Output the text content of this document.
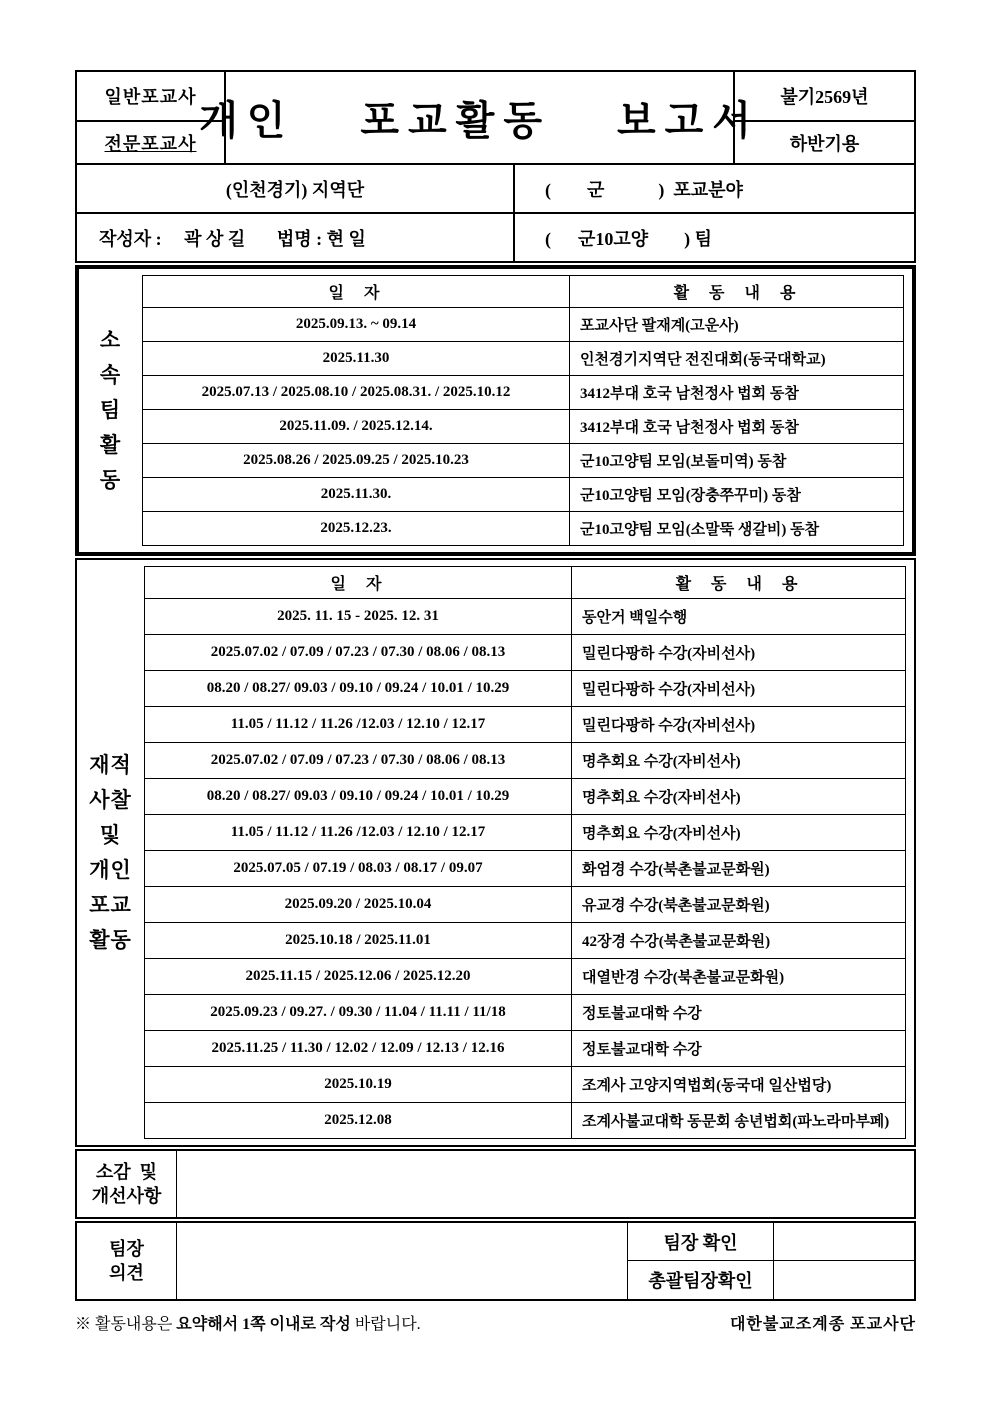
일반포교사
전문포교사
개인  포교활동  보고서
불기2569년
하반기용
(인천경기) 지역단	(        군            )  포교분야
작성자 :     곽 상 길       법명 : 현 일	(      군10고양        ) 팀
소
속
팀
활
동
일  자	활  동  내  용
2025.09.13. ~ 09.14	포교사단 팔재계(고운사)
2025.11.30	인천경기지역단 전진대회(동국대학교)
2025.07.13 / 2025.08.10 / 2025.08.31. / 2025.10.12	3412부대 호국 남천정사 법회 동참
2025.11.09. / 2025.12.14.	3412부대 호국 남천정사 법회 동참
2025.08.26 / 2025.09.25 / 2025.10.23	군10고양팀 모임(보돌미역) 동참
2025.11.30.	군10고양팀 모임(장충쭈꾸미) 동참
2025.12.23.	군10고양팀 모임(소말뚝 생갈비) 동참
재적
사찰
및
개인
포교
활동
일  자	활  동  내  용
2025. 11. 15 - 2025. 12. 31	동안거 백일수행
2025.07.02 / 07.09 / 07.23 / 07.30 / 08.06 / 08.13	밀린다팡하 수강(자비선사)
08.20 / 08.27/ 09.03 / 09.10 / 09.24 / 10.01 / 10.29	밀린다팡하 수강(자비선사)
11.05 / 11.12 / 11.26 /12.03 / 12.10 / 12.17	밀린다팡하 수강(자비선사)
2025.07.02 / 07.09 / 07.23 / 07.30 / 08.06 / 08.13	명추회요 수강(자비선사)
08.20 / 08.27/ 09.03 / 09.10 / 09.24 / 10.01 / 10.29	명추회요 수강(자비선사)
11.05 / 11.12 / 11.26 /12.03 / 12.10 / 12.17	명추회요 수강(자비선사)
2025.07.05 / 07.19 / 08.03 / 08.17 / 09.07	화엄경 수강(북촌불교문화원)
2025.09.20 / 2025.10.04	유교경 수강(북촌불교문화원)
2025.10.18 / 2025.11.01	42장경 수강(북촌불교문화원)
2025.11.15 / 2025.12.06 / 2025.12.20	대열반경 수강(북촌불교문화원)
2025.09.23 / 09.27. / 09.30 / 11.04 / 11.11 / 11/18	정토불교대학 수강
2025.11.25 / 11.30 / 12.02 / 12.09 / 12.13 / 12.16	정토불교대학 수강
2025.10.19	조계사 고양지역법회(동국대 일산법당)
2025.12.08	조계사불교대학 동문회 송년법회(파노라마부페)
소감  및
개선사항
팀장
의견
팀장 확인
총괄팀장확인
※ 활동내용은 요약해서 1쪽 이내로 작성 바랍니다.	대한불교조계종 포교사단
